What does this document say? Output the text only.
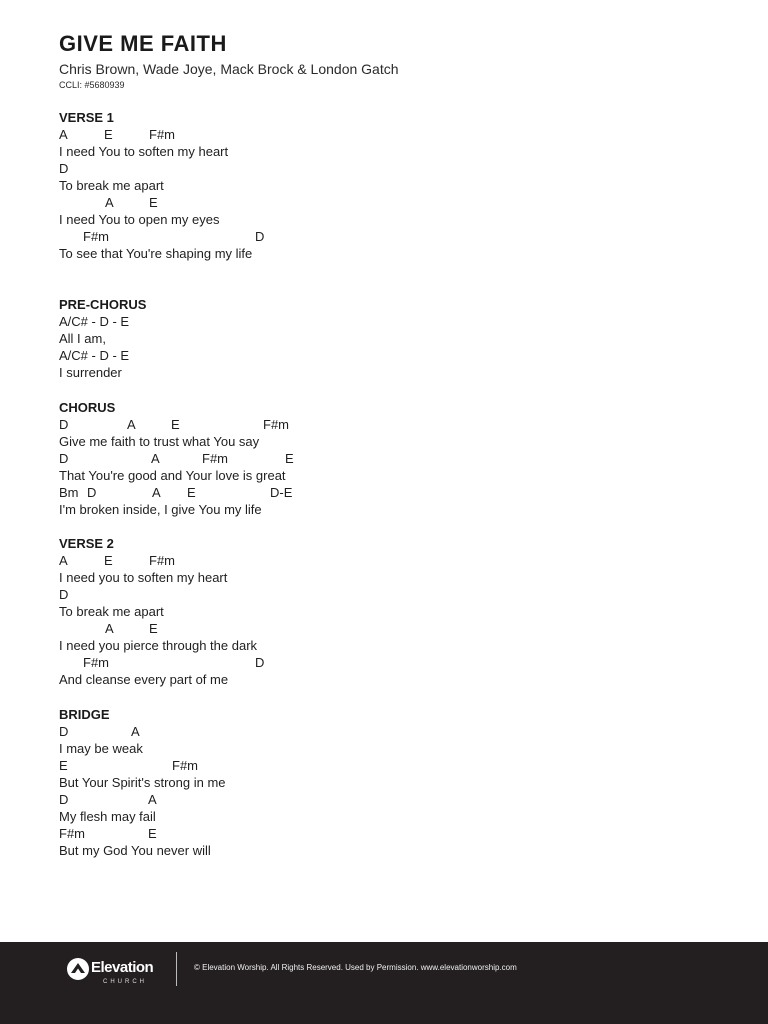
GIVE ME FAITH
Chris Brown, Wade Joye, Mack Brock & London Gatch
CCLI: #5680939
VERSE 1
A	E	F#m
I need You to soften my heart
D
To break me apart
A	E
I need You to open my eyes
F#m	D
To see that You're shaping my life
PRE-CHORUS
A/C# - D - E
All I am,
A/C# - D - E
I surrender
CHORUS
D	A	E	F#m
Give me faith to trust what You say
D	A	F#m	E
That You're good and Your love is great
Bm D	A E	D-E
I'm broken inside, I give You my life
VERSE 2
A	E	F#m
I need you to soften my heart
D
To break me apart
A	E
I need you pierce through the dark
F#m	D
And cleanse every part of me
BRIDGE
D	A
I may be weak
E	F#m
But Your Spirit's strong in me
D	A
My flesh may fail
F#m	E
But my God You never will
Elevation
CHURCH
© Elevation Worship. All Rights Reserved. Used by Permission. www.elevationworship.com
